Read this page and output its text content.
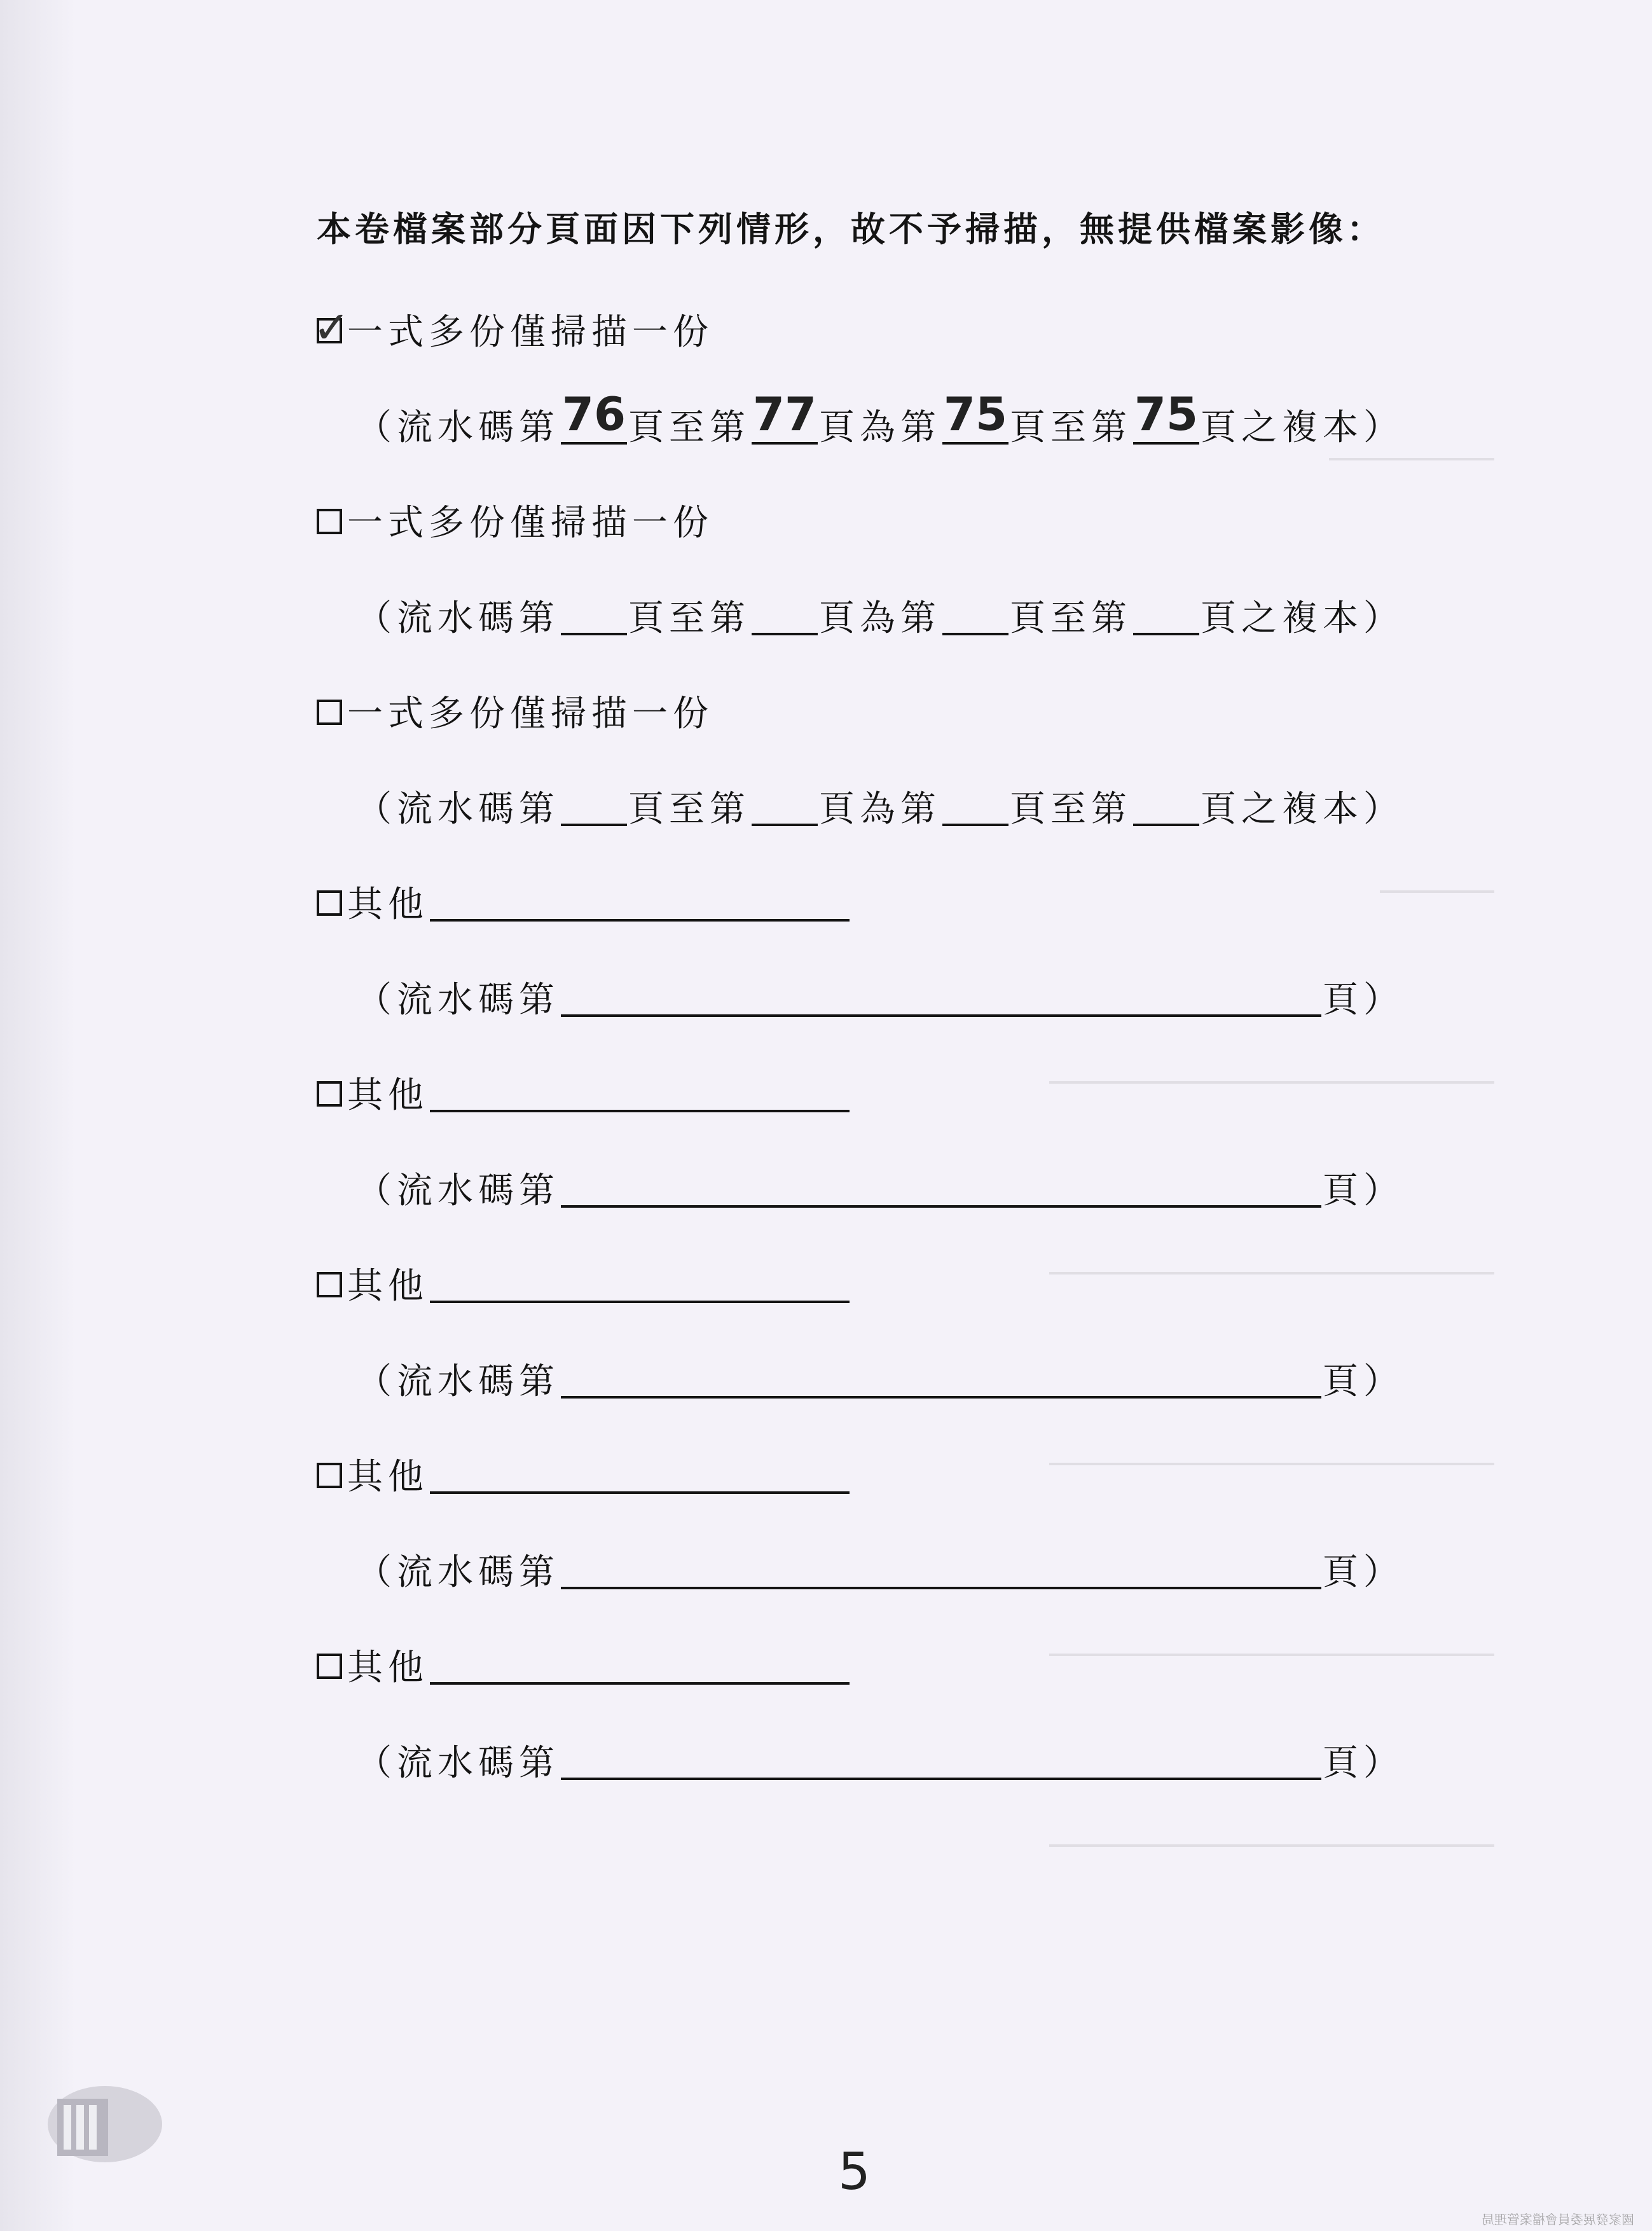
本卷檔案部分頁面因下列情形，故不予掃描，無提供檔案影像：
✓
一式多份僅掃描一份
（流水碼第 76 頁至第 77 頁為第 75 頁至第 75 頁之複本）
一式多份僅掃描一份
（流水碼第 頁至第 頁為第 頁至第 頁之複本）
一式多份僅掃描一份
（流水碼第 頁至第 頁為第 頁至第 頁之複本）
其他
（流水碼第	頁）
其他
（流水碼第	頁）
其他
（流水碼第	頁）
其他
（流水碼第	頁）
其他
（流水碼第	頁）
5
國家發展委員會檔案管理局
